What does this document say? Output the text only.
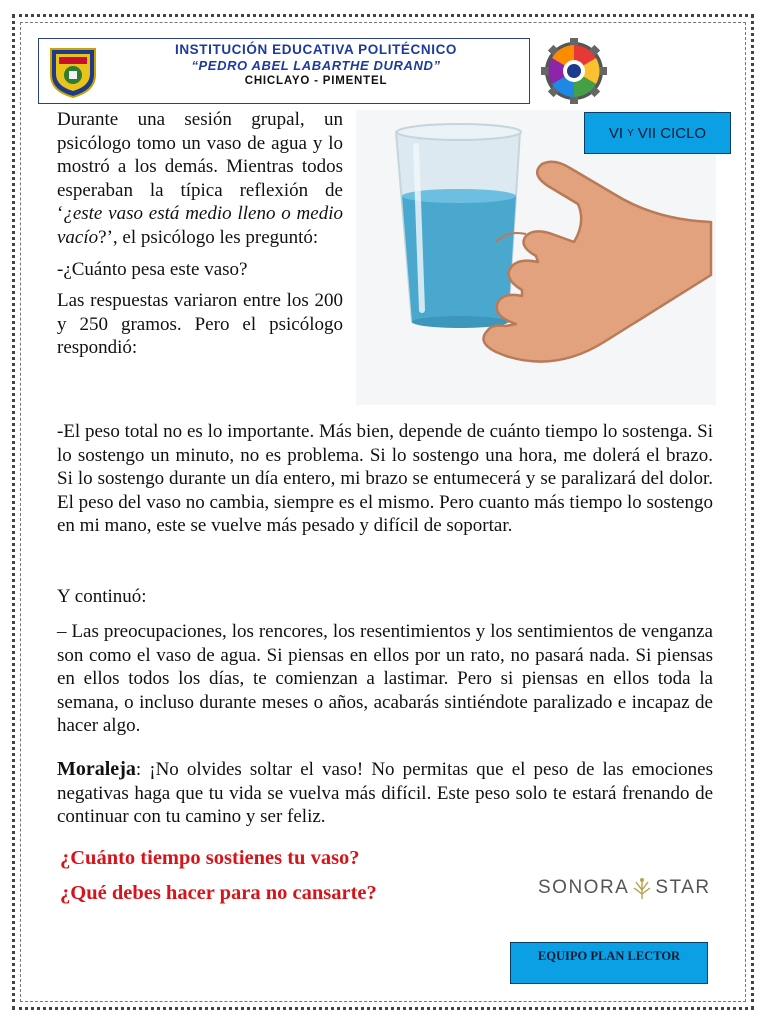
INSTITUCIÓN EDUCATIVA POLITÉCNICO
“PEDRO ABEL LABARTHE DURAND”
CHICLAYO - PIMENTEL

Durante una sesión grupal, un psicólogo tomo un vaso de agua y lo mostró a los demás. Mientras todos esperaban la típica reflexión de ‘¿este vaso está medio lleno o medio vacío?’, el psicólogo les preguntó:

-¿Cuánto pesa este vaso?

Las respuestas variaron entre los 200 y 250 gramos. Pero el psicólogo respondió:

VI Y VII CICLO

-El peso total no es lo importante. Más bien, depende de cuánto tiempo lo sostenga. Si lo sostengo un minuto, no es problema. Si lo sostengo una hora, me dolerá el brazo. Si lo sostengo durante un día entero, mi brazo se entumecerá y se paralizará del dolor. El peso del vaso no cambia, siempre es el mismo. Pero cuanto más tiempo lo sostengo en mi mano, este se vuelve más pesado y difícil de soportar.

Y continuó:

– Las preocupaciones, los rencores, los resentimientos y los sentimientos de venganza son como el vaso de agua. Si piensas en ellos por un rato, no pasará nada. Si piensas en ellos todos los días, te comienzan a lastimar. Pero si piensas en ellos toda la semana, o incluso durante meses o años, acabarás sintiéndote paralizado e incapaz de hacer algo.

Moraleja: ¡No olvides soltar el vaso! No permitas que el peso de las emociones negativas haga que tu vida se vuelva más difícil. Este peso solo te estará frenando de continuar con tu camino y ser feliz.

¿Cuánto tiempo sostienes tu vaso?
¿Qué debes hacer para no cansarte?	SONORA STAR
EQUIPO PLAN LECTOR
